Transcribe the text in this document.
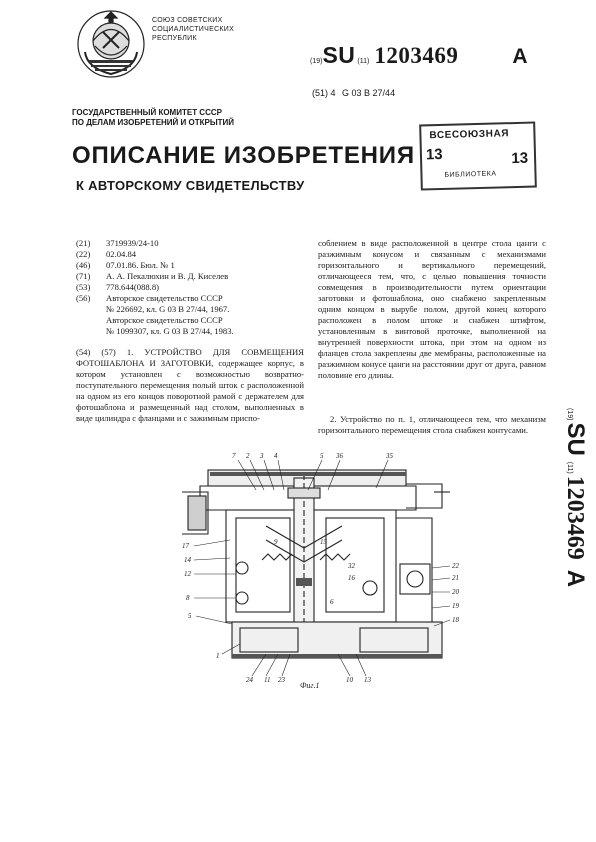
СОЮЗ СОВЕТСКИХ
СОЦИАЛИСТИЧЕСКИХ
РЕСПУБЛИК
(19) SU (11) 1203469	A
(51) 4 G 03 B 27/44
ГОСУДАРСТВЕННЫЙ КОМИТЕТ СССР
ПО ДЕЛАМ ИЗОБРЕТЕНИЙ И ОТКРЫТИЙ
ВСЕСОЮЗНАЯ
13	13
БИБЛИОТЕКА
ОПИСАНИЕ ИЗОБРЕТЕНИЯ
К АВТОРСКОМУ СВИДЕТЕЛЬСТВУ
(21)	3719939/24-10
(22)	02.04.84
(46)	07.01.86. Бюл. № 1
(71)	А. А. Пекалюхин и В. Д. Киселев
(53)	778.644(088.8)
(56)	Авторское свидетельство СССР
№ 226692, кл. G 03 B 27/44, 1967.
Авторское свидетельство СССР
№ 1099307, кл. G 03 B 27/44, 1983.
(54) (57) 1. УСТРОЙСТВО ДЛЯ СОВМЕЩЕНИЯ ФОТОШАБЛОНА И ЗАГОТОВКИ, содержащее корпус, в котором установлен с возможностью возвратно-поступательного перемещения полый шток с расположенной на одном из его концов поворотной рамой с держателем для фотошаблона и размещенный над столом, выполненных в виде цилиндра с фланцами и с зажимным приспо-
соблением в виде расположенной в центре стола цанги с разжимным конусом и связанным с механизмами горизонтального и вертикального перемещений, отличающееся тем, что, с целью повышения точности совмещения в производительности путем ориентации заготовки и фотошаблона, оно снабжено закрепленным одним концом в вырубе полом, другой конец которого расположен в полом штоке и снабжен штифтом, установленным в винтовой проточке, выполненной на внутренней поверхности штока, при этом на одном из фланцев стола закреплены две мембраны, расположенные на разжимном конусе цанги на расстоянии друг от друга, равном половине его длины.
2. Устройство по п. 1, отличающееся тем, что механизм горизонтального перемещения стола снабжен контусами.
(19)
SU
(11)
1203469
A
7 2 3 4	5 36	35
17
14
12
8
5
22
21
20
19
18
1
24 11 23	10 13
9	15
32
16
6
Фиг.1
